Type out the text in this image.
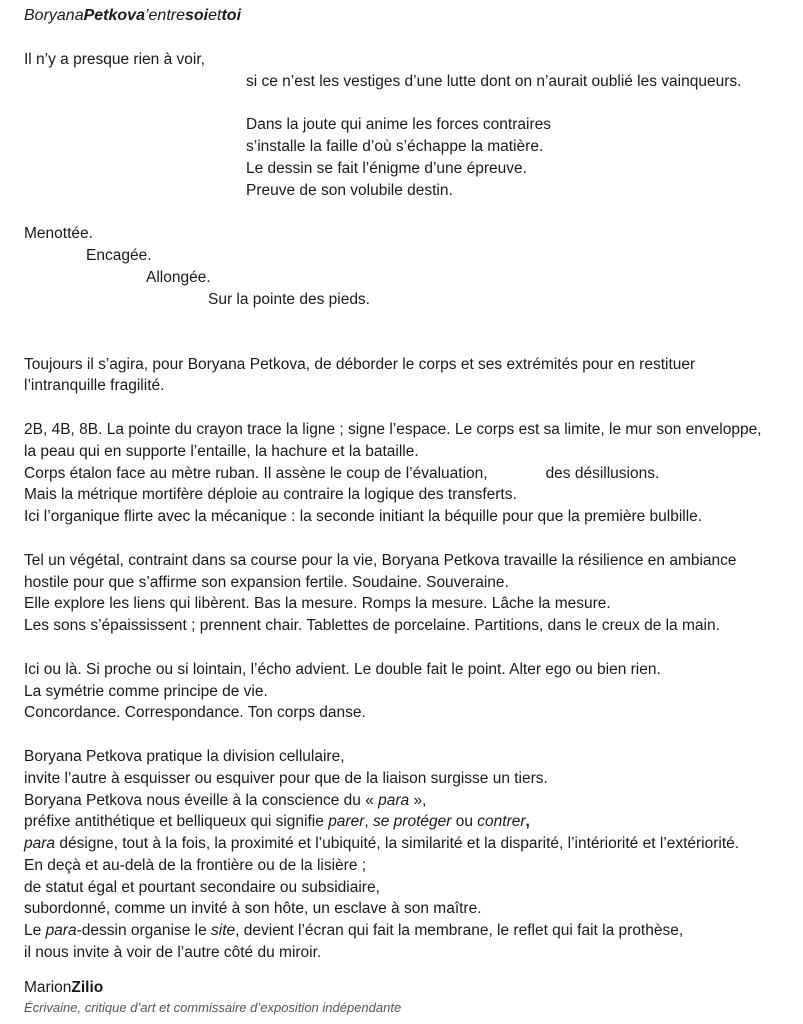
BoryanaPetkova’entresoiettoi
Il n’y a presque rien à voir,
si ce n’est les vestiges d’une lutte dont on n’aurait oublié les vainqueurs.
Dans la joute qui anime les forces contraires
s’installe la faille d’où s’échappe la matière.
Le dessin se fait l’énigme d’une épreuve.
Preuve de son volubile destin.
Menottée.
Encagée.
Allongée.
Sur la pointe des pieds.
Toujours il s’agira, pour Boryana Petkova, de déborder le corps et ses extrémités pour en restituer
l’intranquille fragilité.
2B, 4B, 8B. La pointe du crayon trace la ligne ; signe l’espace. Le corps est sa limite, le mur son enveloppe,
la peau qui en supporte l’entaille, la hachure et la bataille.
Corps étalon face au mètre ruban. Il assène le coup de l’évaluation,	des désillusions.
Mais la métrique mortifère déploie au contraire la logique des transferts.
Ici l’organique flirte avec la mécanique : la seconde initiant la béquille pour que la première bulbille.
Tel un végétal, contraint dans sa course pour la vie, Boryana Petkova travaille la résilience en ambiance
hostile pour que s’affirme son expansion fertile. Soudaine. Souveraine.
Elle explore les liens qui libèrent. Bas la mesure. Romps la mesure. Lâche la mesure.
Les sons s’épaississent ; prennent chair. Tablettes de porcelaine. Partitions, dans le creux de la main.
Ici ou là. Si proche ou si lointain, l’écho advient. Le double fait le point. Alter ego ou bien rien.
La symétrie comme principe de vie.
Concordance. Correspondance. Ton corps danse.
Boryana Petkova pratique la division cellulaire,
invite l’autre à esquisser ou esquiver pour que de la liaison surgisse un tiers.
Boryana Petkova nous éveille à la conscience du « para »,
préfixe antithétique et belliqueux qui signifie parer, se protéger ou contrer,
para désigne, tout à la fois, la proximité et l’ubiquité, la similarité et la disparité, l’intériorité et l’extériorité.
En deçà et au-delà de la frontière ou de la lisière ;
de statut égal et pourtant secondaire ou subsidiaire,
subordonné, comme un invité à son hôte, un esclave à son maître.
Le para-dessin organise le site, devient l’écran qui fait la membrane, le reflet qui fait la prothèse,
il nous invite à voir de l’autre côté du miroir.
MarionZilio
Écrivaine, critique d’art et commissaire d’exposition indépendante
